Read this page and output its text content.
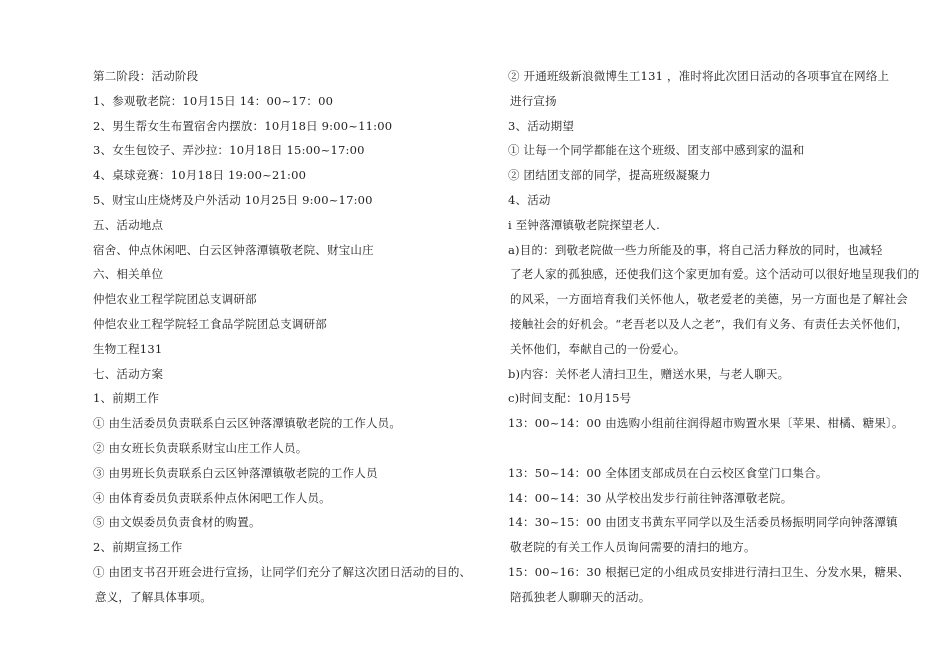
第二阶段：活动阶段
1、参观敬老院：10月15日 14：00~17：00
2、男生帮女生布置宿舍内摆放：10月18日 9:00~11:00
3、女生包饺子、弄沙拉：10月18日 15:00~17:00
4、桌球竞赛：10月18日 19:00~21:00
5、财宝山庄烧烤及户外活动 10月25日 9:00~17:00
五、活动地点
宿舍、仲点休闲吧、白云区钟落潭镇敬老院、财宝山庄
六、相关单位
仲恺农业工程学院团总支调研部
仲恺农业工程学院轻工食品学院团总支调研部
生物工程131
七、活动方案
1、前期工作
① 由生活委员负责联系白云区钟落潭镇敬老院的工作人员。
② 由女班长负责联系财宝山庄工作人员。
③ 由男班长负责联系白云区钟落潭镇敬老院的工作人员
④ 由体育委员负责联系仲点休闲吧工作人员。
⑤ 由文娱委员负责食材的购置。
2、前期宣扬工作
① 由团支书召开班会进行宣扬，让同学们充分了解这次团日活动的目的、
意义，了解具体事项。
② 开通班级新浪微博生工131 ，准时将此次团日活动的各项事宜在网络上
进行宣扬
3、活动期望
① 让每一个同学都能在这个班级、团支部中感到家的温和
② 团结团支部的同学，提高班级凝聚力
4、活动
ⅰ 至钟落潭镇敬老院探望老人.
a)目的：到敬老院做一些力所能及的事，将自己活力释放的同时，也减轻
了老人家的孤独感，还使我们这个家更加有爱。这个活动可以很好地呈现我们的
的风采，一方面培育我们关怀他人，敬老爱老的美德，另一方面也是了解社会
接触社会的好机会。“老吾老以及人之老”，我们有义务、有责任去关怀他们，
关怀他们，奉献自己的一份爱心。
b)内容：关怀老人清扫卫生，赠送水果，与老人聊天。
c)时间支配：10月15号
13：00~14：00 由选购小组前往润得超市购置水果〔苹果、柑橘、糖果〕。
13：50~14：00 全体团支部成员在白云校区食堂门口集合。
14：00~14：30 从学校出发步行前往钟落潭敬老院。
14：30~15：00 由团支书黄东平同学以及生活委员杨振明同学向钟落潭镇
敬老院的有关工作人员询问需要的清扫的地方。
15：00~16：30 根据已定的小组成员安排进行清扫卫生、分发水果，糖果、
陪孤独老人聊聊天的活动。
